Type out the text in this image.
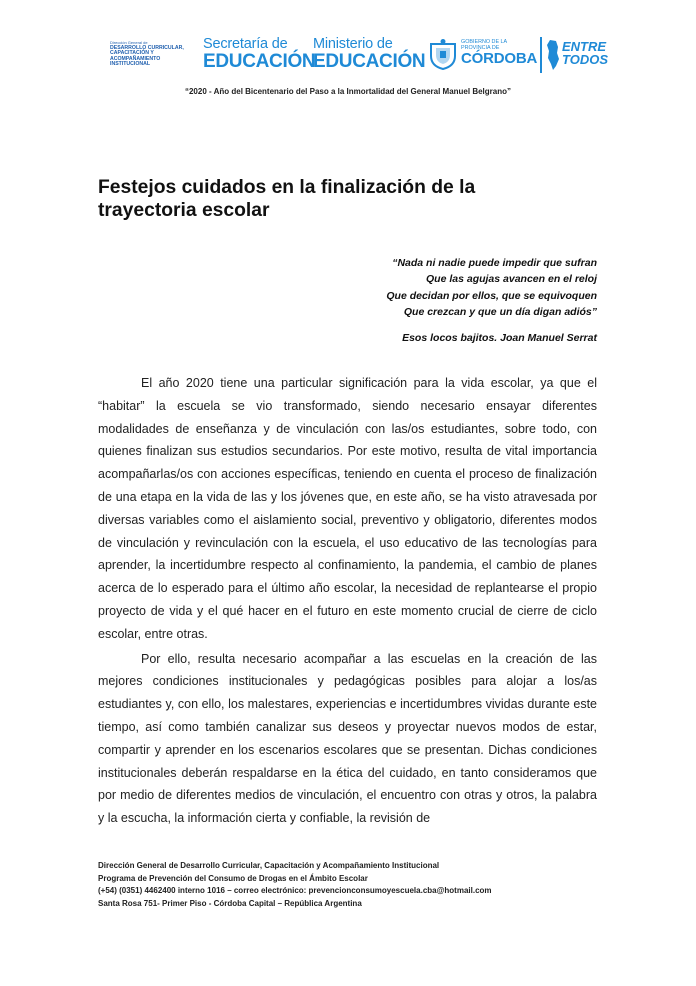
Dirección General de
DESARROLLO CURRICULAR,
CAPACITACIÓN Y
ACOMPAÑAMIENTO
INSTITUCIONAL
Secretaría de
EDUCACIÓN
Ministerio de
EDUCACIÓN
GOBIERNO DE LA
PROVINCIA DE
CÓRDOBA
ENTRE
TODOS
“2020 - Año del Bicentenario del Paso a la Inmortalidad del General Manuel Belgrano”
Festejos cuidados en la finalización de la trayectoria escolar
“Nada ni nadie puede impedir que sufran
Que las agujas avancen en el reloj
Que decidan por ellos, que se equivoquen
Que crezcan y que un día digan adiós”
Esos locos bajitos. Joan Manuel Serrat

El año 2020 tiene una particular significación para la vida escolar, ya que el “habitar” la escuela se vio transformado, siendo necesario ensayar diferentes modalidades de enseñanza y de vinculación con las/os estudiantes, sobre todo, con quienes finalizan sus estudios secundarios. Por este motivo, resulta de vital importancia acompañarlas/os con acciones específicas, teniendo en cuenta el proceso de finalización de una etapa en la vida de las y los jóvenes que, en este año, se ha visto atravesada por diversas variables como el aislamiento social, preventivo y obligatorio, diferentes modos de vinculación y revinculación con la escuela, el uso educativo de las tecnologías para aprender, la incertidumbre respecto al confinamiento, la pandemia, el cambio de planes acerca de lo esperado para el último año escolar, la necesidad de replantearse el propio proyecto de vida y el qué hacer en el futuro en este momento crucial de cierre de ciclo escolar, entre otras.

Por ello, resulta necesario acompañar a las escuelas en la creación de las mejores condiciones institucionales y pedagógicas posibles para alojar a los/as estudiantes y, con ello, los malestares, experiencias e incertidumbres vividas durante este tiempo, así como también canalizar sus deseos y proyectar nuevos modos de estar, compartir y aprender en los escenarios escolares que se presentan. Dichas condiciones institucionales deberán respaldarse en la ética del cuidado, en tanto consideramos que por medio de diferentes medios de vinculación, el encuentro con otras y otros, la palabra y la escucha, la información cierta y confiable, la revisión de

Dirección General de Desarrollo Curricular, Capacitación y Acompañamiento Institucional
Programa de Prevención del Consumo de Drogas en el Ámbito Escolar
(+54) (0351) 4462400 interno 1016 – correo electrónico: prevencionconsumoyescuela.cba@hotmail.com
Santa Rosa 751- Primer Piso - Córdoba Capital – República Argentina
